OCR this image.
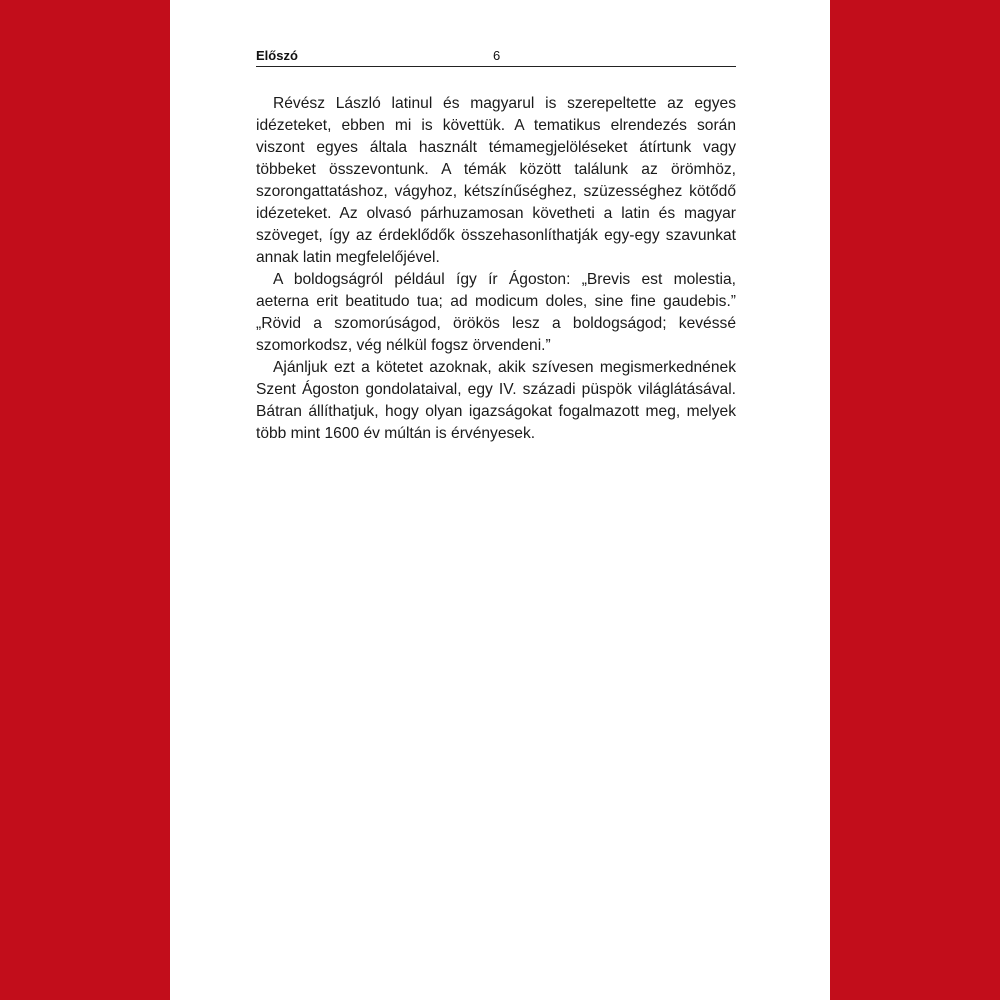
Előszó	6

Révész László latinul és magyarul is szerepeltette az egyes idézeteket, ebben mi is követtük. A tematikus elrendezés során viszont egyes általa használt témamegjelöléseket átírtunk vagy többeket összevontunk. A témák között találunk az örömhöz, szorongattatáshoz, vágyhoz, kétszínűséghez, szüzességhez kötődő idézeteket. Az olvasó párhuzamosan követheti a latin és magyar szöveget, így az érdeklődők összehasonlíthatják egy-egy szavunkat annak latin megfelelőjével.

A boldogságról például így ír Ágoston: „Brevis est molestia, aeterna erit beatitudo tua; ad modicum doles, sine fine gaudebis.” „Rövid a szomorúságod, örökös lesz a boldogságod; kevéssé szomorkodsz, vég nélkül fogsz örvendeni.”

Ajánljuk ezt a kötetet azoknak, akik szívesen megismerkednének Szent Ágoston gondolataival, egy IV. századi püspök világlátásával. Bátran állíthatjuk, hogy olyan igazságokat fogalmazott meg, melyek több mint 1600 év múltán is érvényesek.
